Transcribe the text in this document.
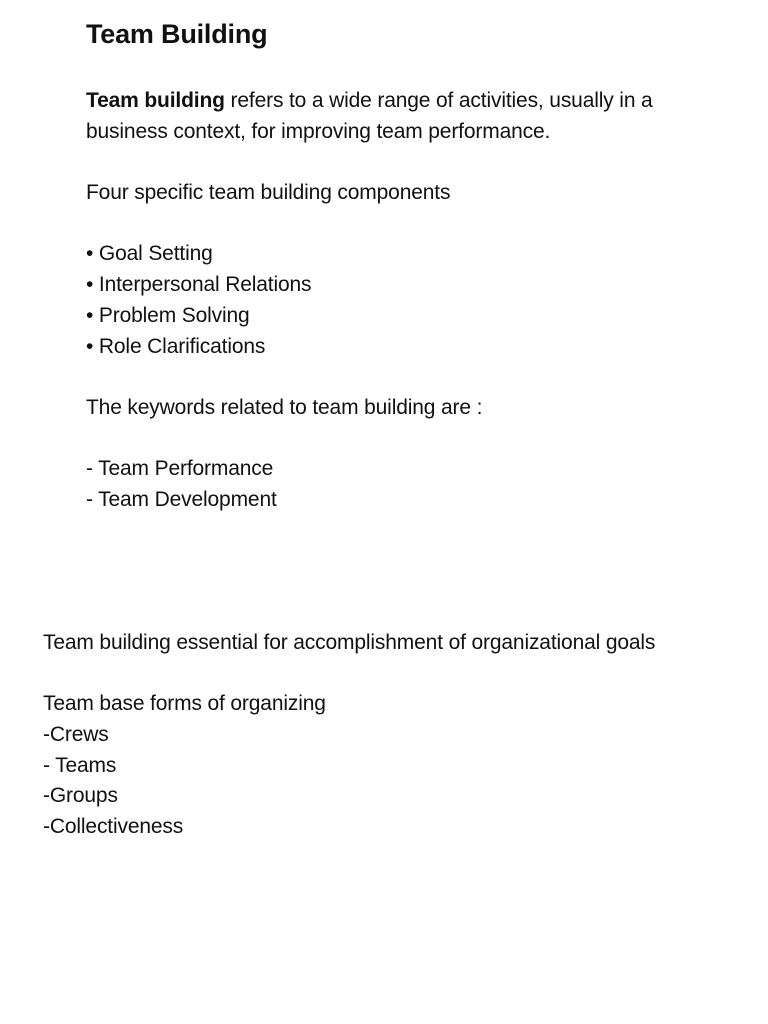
Team Building
Team building refers to a wide range of activities, usually in a
business context, for improving team performance.
Four specific team building components
• Goal Setting
• Interpersonal Relations
• Problem Solving
• Role Clarifications
The keywords related to team building are :
- Team Performance
- Team Development
Team building essential for accomplishment of organizational goals
Team base forms of organizing
-Crews
- Teams
-Groups
-Collectiveness
